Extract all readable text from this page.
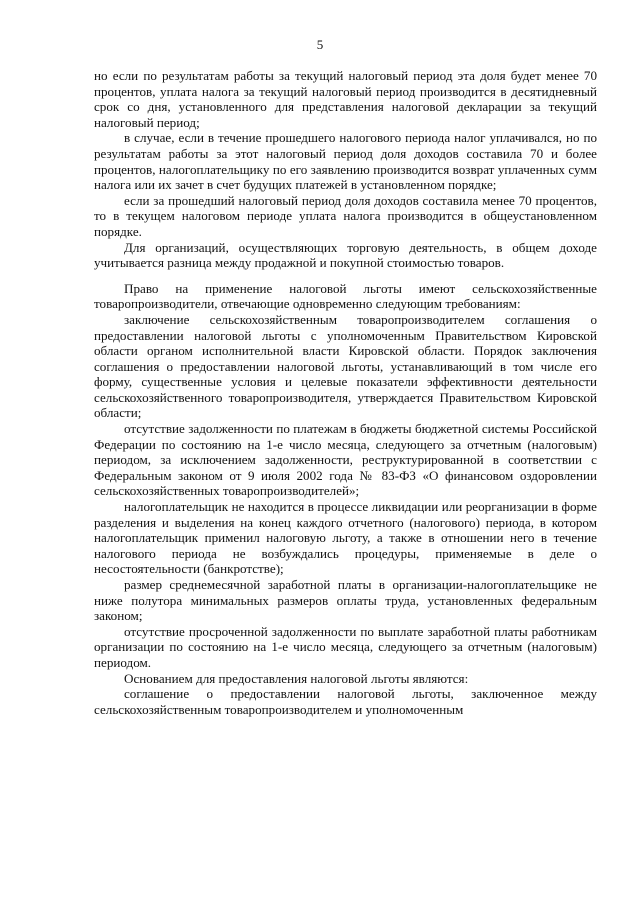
5

но если по результатам работы за текущий налоговый период эта доля будет менее 70 процентов, уплата налога за текущий налоговый период производится в десятидневный срок со дня, установленного для представления налоговой декларации за текущий налоговый период;

в случае, если в течение прошедшего налогового периода налог уплачивался, но по результатам работы за этот налоговый период доля доходов составила 70 и более процентов, налогоплательщику по его заявлению производится возврат уплаченных сумм налога или их зачет в счет будущих платежей в установленном порядке;

если за прошедший налоговый период доля доходов составила менее 70 процентов, то в текущем налоговом периоде уплата налога производится в общеустановленном порядке.

Для организаций, осуществляющих торговую деятельность, в общем доходе учитывается разница между продажной и покупной стоимостью товаров.

Право на применение налоговой льготы имеют сельскохозяйственные товаропроизводители, отвечающие одновременно следующим требованиям:

заключение сельскохозяйственным товаропроизводителем соглашения о предоставлении налоговой льготы с уполномоченным Правительством Кировской области органом исполнительной власти Кировской области. Порядок заключения соглашения о предоставлении налоговой льготы, устанавливающий в том числе его форму, существенные условия и целевые показатели эффективности деятельности сельскохозяйственного товаропроизводителя, утверждается Правительством Кировской области;

отсутствие задолженности по платежам в бюджеты бюджетной системы Российской Федерации по состоянию на 1-е число месяца, следующего за отчетным (налоговым) периодом, за исключением задолженности, реструктурированной в соответствии с Федеральным законом от 9 июля 2002 года № 83-ФЗ «О финансовом оздоровлении сельскохозяйственных товаропроизводителей»;

налогоплательщик не находится в процессе ликвидации или реорганизации в форме разделения и выделения на конец каждого отчетного (налогового) периода, в котором налогоплательщик применил налоговую льготу, а также в отношении него в течение налогового периода не возбуждались процедуры, применяемые в деле о несостоятельности (банкротстве);

размер среднемесячной заработной платы в организации-налогоплательщике не ниже полутора минимальных размеров оплаты труда, установленных федеральным законом;

отсутствие просроченной задолженности по выплате заработной платы работникам организации по состоянию на 1-е число месяца, следующего за отчетным (налоговым) периодом.

Основанием для предоставления налоговой льготы являются:

соглашение о предоставлении налоговой льготы, заключенное между сельскохозяйственным товаропроизводителем и уполномоченным
